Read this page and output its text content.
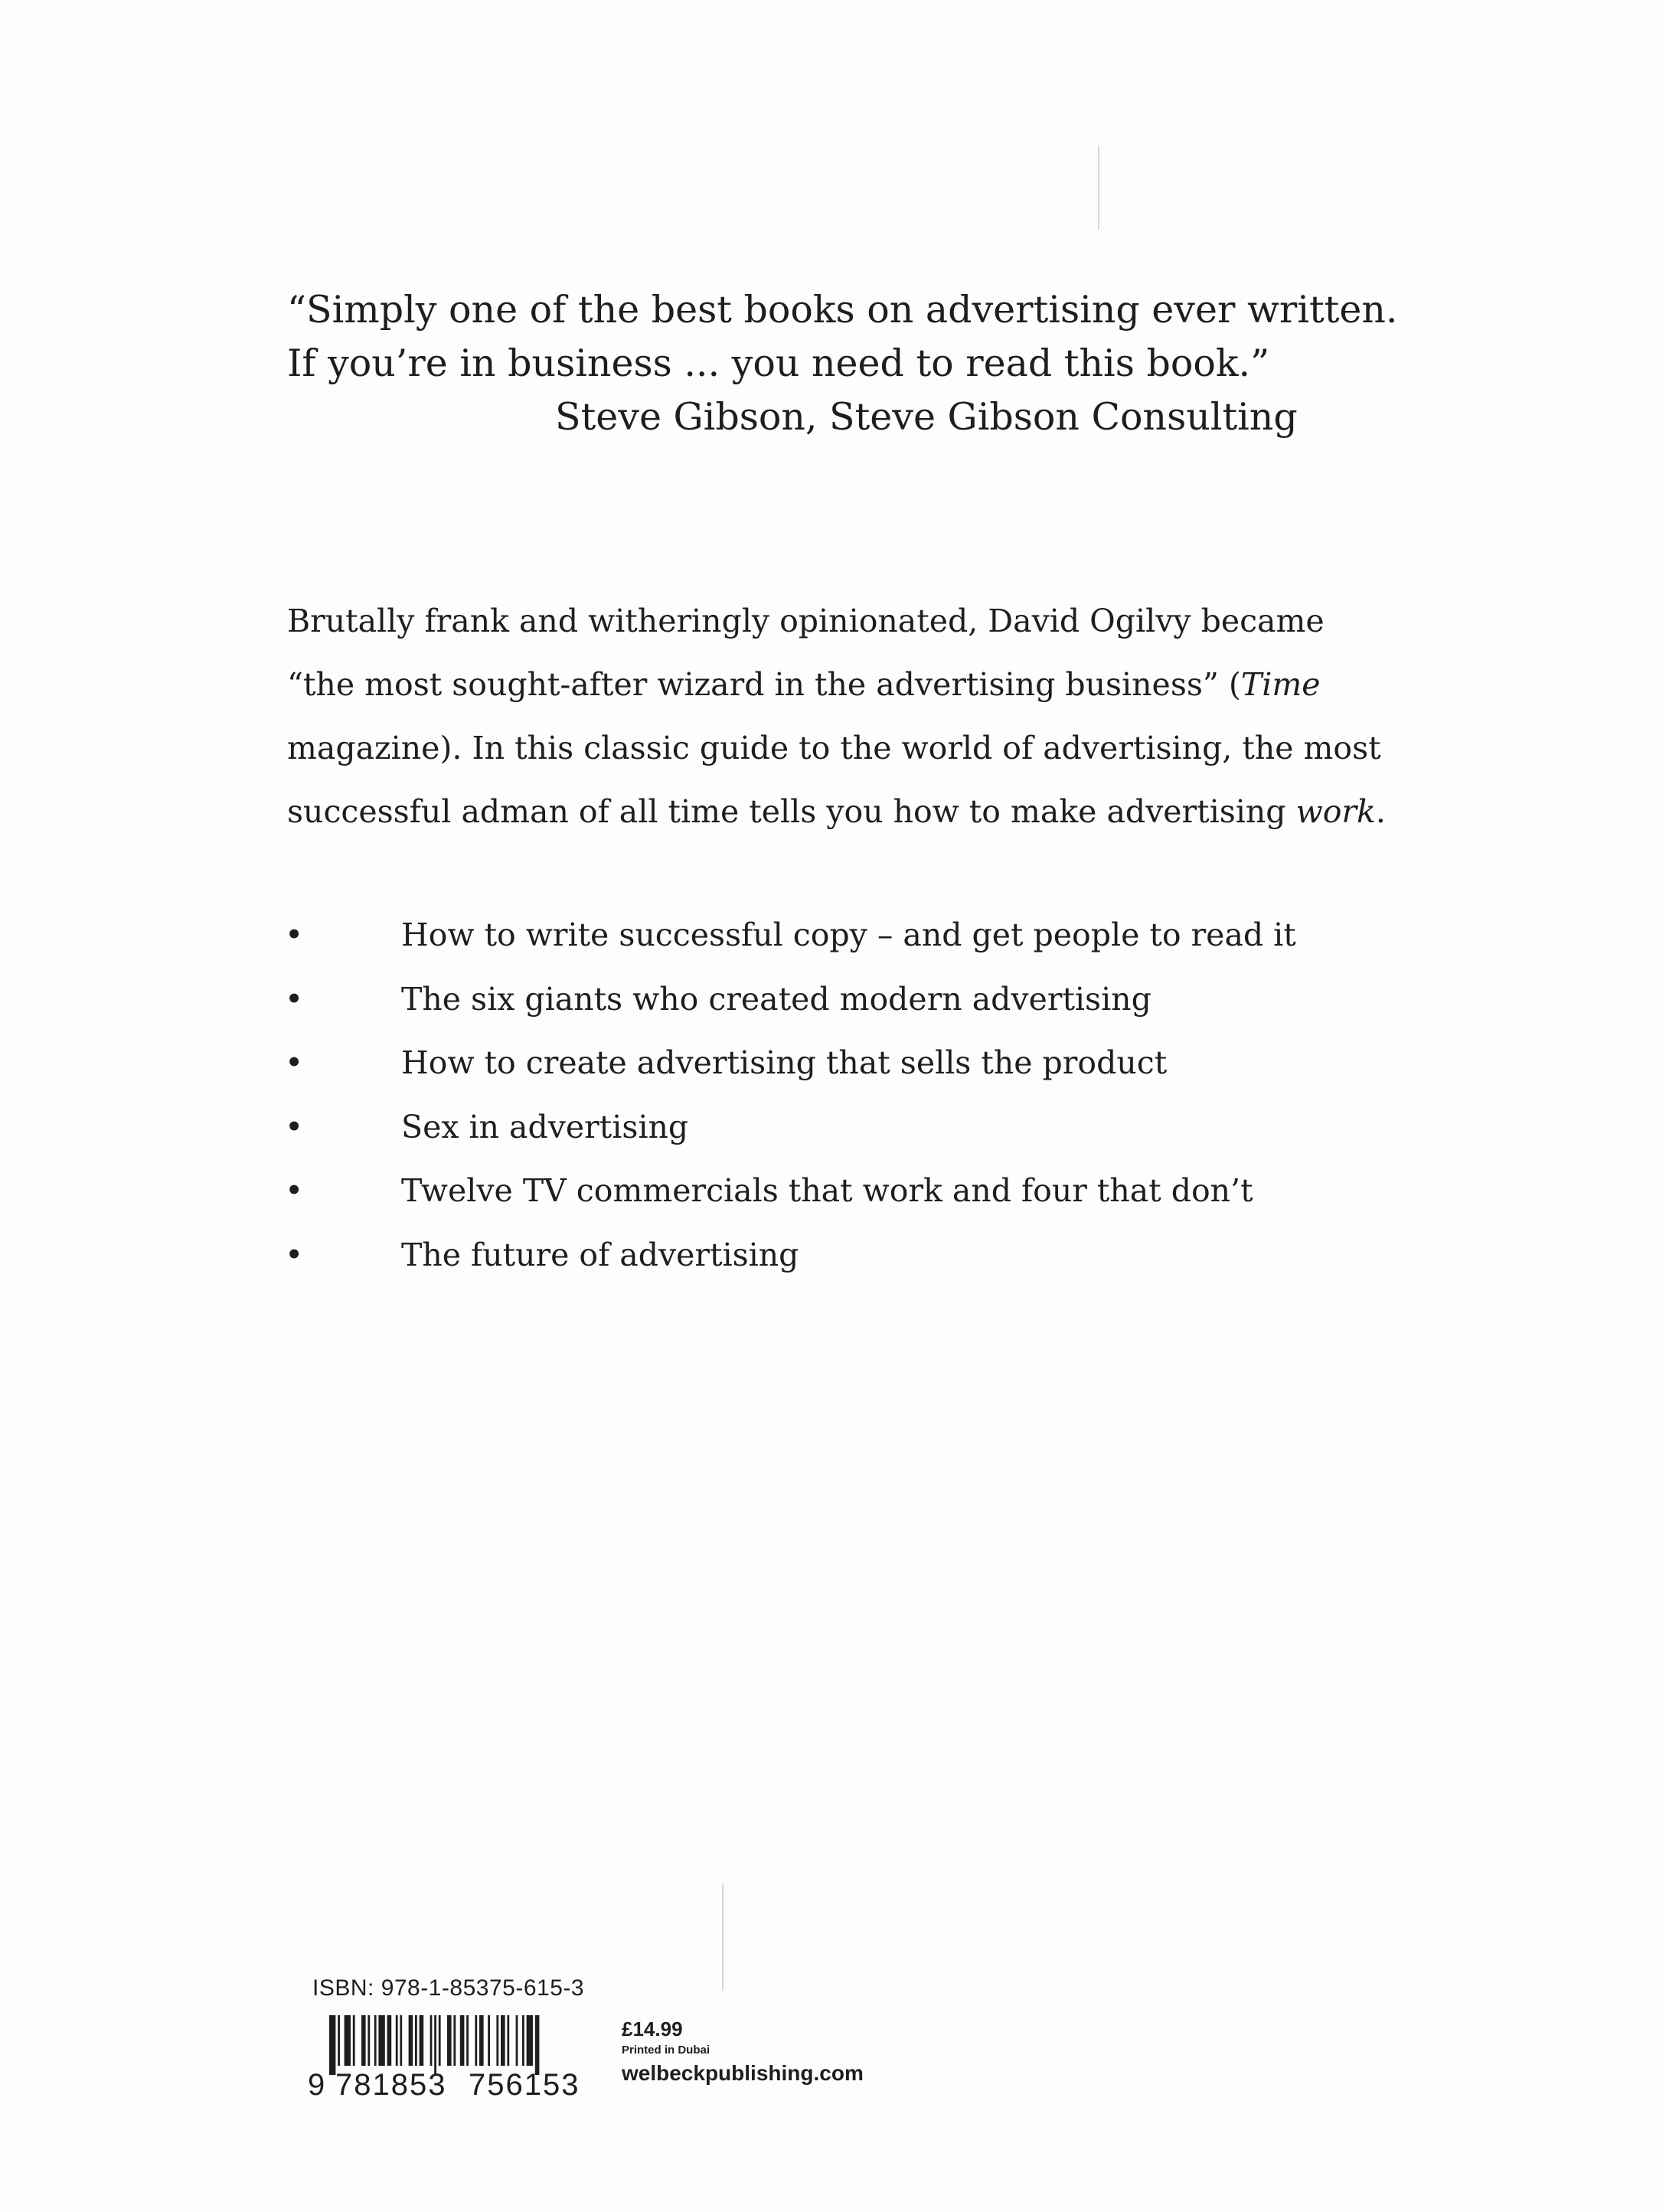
“Simply one of the best books on advertising ever written.
If you’re in business ... you need to read this book.”
Steve Gibson, Steve Gibson Consulting
Brutally frank and witheringly opinionated, David Ogilvy became
“the most sought-after wizard in the advertising business” (Time
magazine). In this classic guide to the world of advertising, the most
successful adman of all time tells you how to make advertising work.
•	How to write successful copy – and get people to read it
•	The six giants who created modern advertising
•	How to create advertising that sells the product
•	Sex in advertising
•	Twelve TV commercials that work and four that don’t
•	The future of advertising
ISBN: 978-1-85375-615-3
9 781853 756153
£14.99
Printed in Dubai
welbeckpublishing.com
